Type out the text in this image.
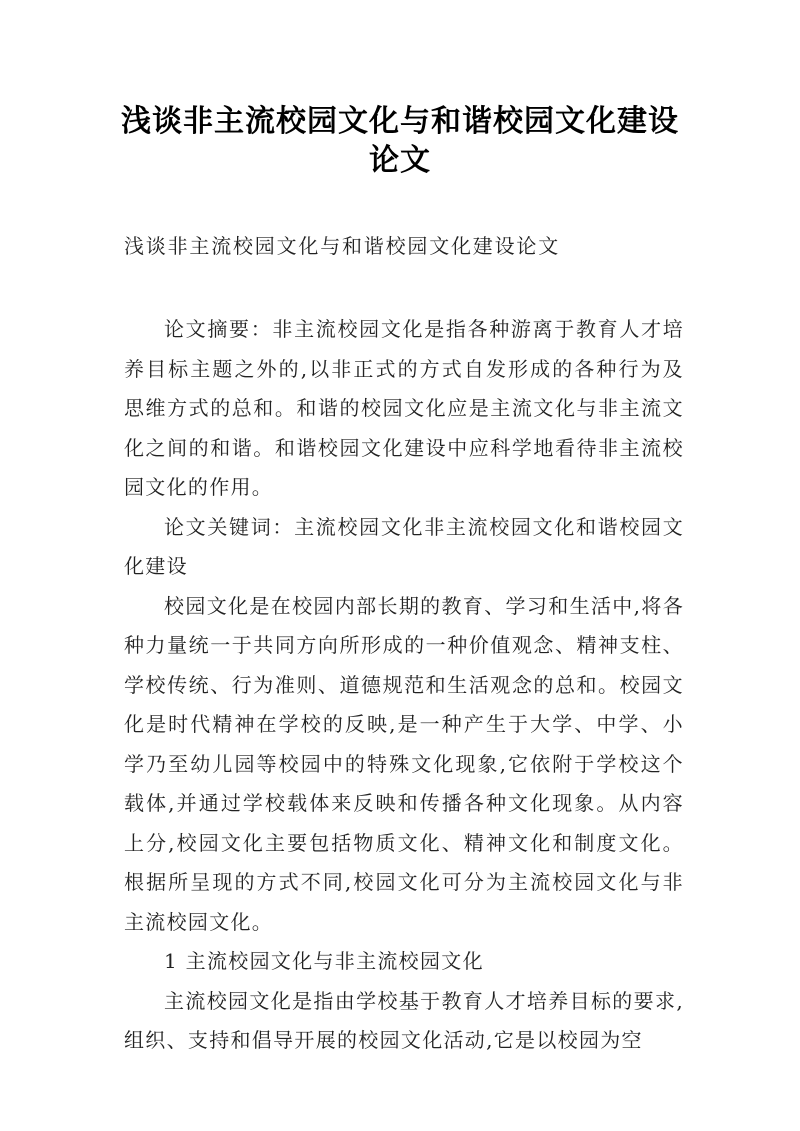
浅谈非主流校园文化与和谐校园文化建设
论文
浅谈非主流校园文化与和谐校园文化建设论文

论文摘要：非主流校园文化是指各种游离于教育人才培养目标主题之外的,以非正式的方式自发形成的各种行为及思维方式的总和。和谐的校园文化应是主流文化与非主流文化之间的和谐。和谐校园文化建设中应科学地看待非主流校园文化的作用。

论文关键词：主流校园文化非主流校园文化和谐校园文化建设

校园文化是在校园内部长期的教育、学习和生活中,将各种力量统一于共同方向所形成的一种价值观念、精神支柱、学校传统、行为准则、道德规范和生活观念的总和。校园文化是时代精神在学校的反映,是一种产生于大学、中学、小学乃至幼儿园等校园中的特殊文化现象,它依附于学校这个载体,并通过学校载体来反映和传播各种文化现象。从内容上分,校园文化主要包括物质文化、精神文化和制度文化。根据所呈现的方式不同,校园文化可分为主流校园文化与非主流校园文化。

1 主流校园文化与非主流校园文化

主流校园文化是指由学校基于教育人才培养目标的要求,组织、支持和倡导开展的校园文化活动,它是以校园为空
